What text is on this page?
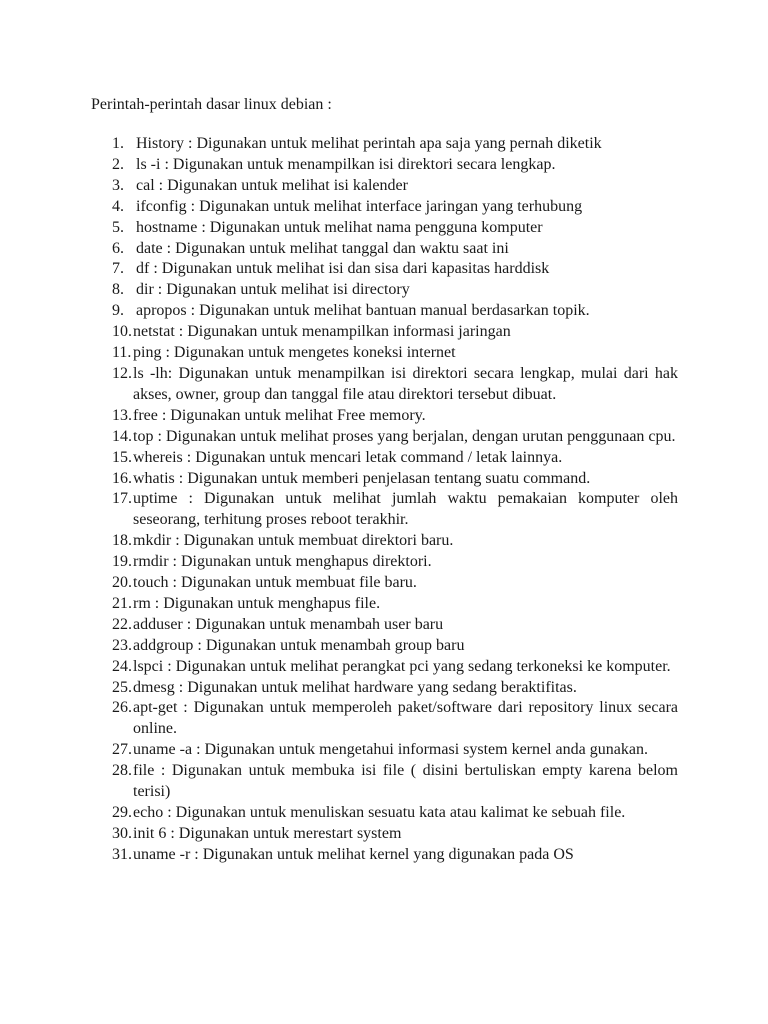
Perintah-perintah dasar linux debian :
1. History : Digunakan untuk melihat perintah apa saja yang pernah diketik
2. ls -i : Digunakan untuk menampilkan isi direktori secara lengkap.
3. cal : Digunakan untuk melihat isi kalender
4. ifconfig : Digunakan untuk melihat interface jaringan yang terhubung
5. hostname : Digunakan untuk melihat nama pengguna komputer
6. date : Digunakan untuk melihat tanggal dan waktu saat ini
7. df : Digunakan untuk melihat isi dan sisa dari kapasitas harddisk
8. dir : Digunakan untuk melihat isi directory
9. apropos : Digunakan untuk melihat bantuan manual berdasarkan topik.
10. netstat : Digunakan untuk menampilkan informasi jaringan
11. ping : Digunakan untuk mengetes koneksi internet
12. ls -lh: Digunakan untuk menampilkan isi direktori secara lengkap, mulai dari hak akses, owner, group dan tanggal file atau direktori tersebut dibuat.
13. free : Digunakan untuk melihat Free memory.
14. top : Digunakan untuk melihat proses yang berjalan, dengan urutan penggunaan cpu.
15. whereis : Digunakan untuk mencari letak command / letak lainnya.
16. whatis : Digunakan untuk memberi penjelasan tentang suatu command.
17. uptime : Digunakan untuk melihat jumlah waktu pemakaian komputer oleh seseorang, terhitung proses reboot terakhir.
18. mkdir : Digunakan untuk membuat direktori baru.
19. rmdir : Digunakan untuk menghapus direktori.
20. touch : Digunakan untuk membuat file baru.
21. rm : Digunakan untuk menghapus file.
22. adduser : Digunakan untuk menambah user baru
23. addgroup : Digunakan untuk menambah group baru
24. lspci : Digunakan untuk melihat perangkat pci yang sedang terkoneksi ke komputer.
25. dmesg : Digunakan untuk melihat hardware yang sedang beraktifitas.
26. apt-get : Digunakan untuk memperoleh paket/software dari repository linux secara online.
27. uname -a : Digunakan untuk mengetahui informasi system kernel anda gunakan.
28. file : Digunakan untuk membuka isi file ( disini bertuliskan empty karena belom terisi)
29. echo : Digunakan untuk menuliskan sesuatu kata atau kalimat ke sebuah file.
30. init 6 : Digunakan untuk merestart system
31. uname -r : Digunakan untuk melihat kernel yang digunakan pada OS
